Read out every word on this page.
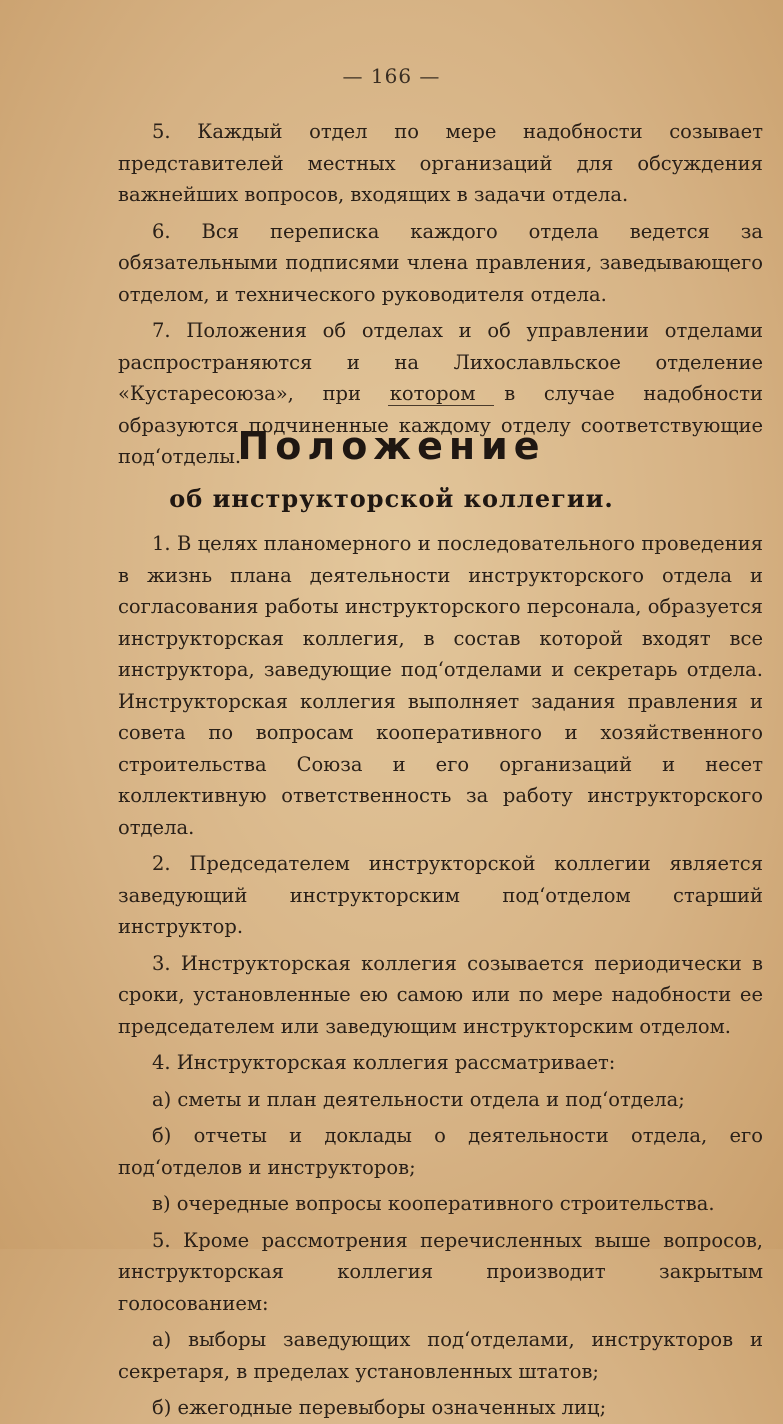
— 166 —

5. Каждый отдел по мере надобности созывает представителей местных организаций для обсуждения важнейших вопросов, входящих в задачи отдела.

6. Вся переписка каждого отдела ведется за обязательными подписями члена правления, заведывающего отделом, и технического руководителя отдела.

7. Положения об отделах и об управлении отделами распространяются и на Лихославльское отделение «Кустаресоюза», при котором в случае надобности образуются подчиненные каждому отделу соответствующие под‘отделы.

Положение
об инструкторской коллегии.

1. В целях планомерного и последовательного проведения в жизнь плана деятельности инструкторского отдела и согласования работы инструкторского персонала, образуется инструкторская коллегия, в состав которой входят все инструктора, заведующие под‘отделами и секретарь отдела. Инструкторская коллегия выполняет задания правления и совета по вопросам кооперативного и хозяйственного строительства Союза и его организаций и несет коллективную ответственность за работу инструкторского отдела.

2. Председателем инструкторской коллегии является заведующий инструкторским под‘отделом старший инструктор.

3. Инструкторская коллегия созывается периодически в сроки, установленные ею самою или по мере надобности ее председателем или заведующим инструкторским отделом.

4. Инструкторская коллегия рассматривает:

а) сметы и план деятельности отдела и под‘отдела;

б) отчеты и доклады о деятельности отдела, его под‘отделов и инструкторов;

в) очередные вопросы кооперативного строительства.

5. Кроме рассмотрения перечисленных выше вопросов, инструкторская коллегия производит закрытым голосованием:

а) выборы заведующих под‘отделами, инструкторов и секретаря, в пределах установленных штатов;

б) ежегодные перевыборы означенных лиц;
